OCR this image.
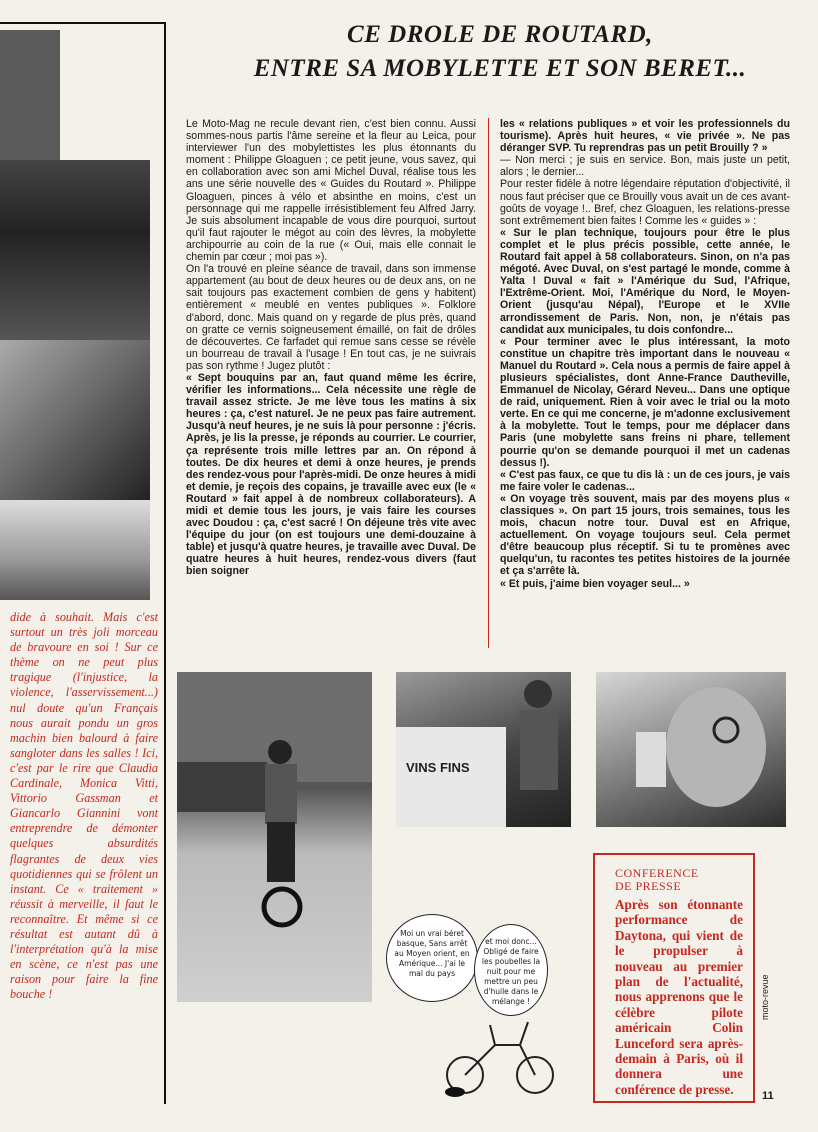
dide à souhait. Mais c'est surtout un très joli morceau de bravoure en soi ! Sur ce thème on ne peut plus tragique (l'injustice, la violence, l'asservissement...) nul doute qu'un Français nous aurait pondu un gros machin bien balourd à faire sangloter dans les salles ! Ici, c'est par le rire que Claudia Cardinale, Monica Vitti, Vittorio Gassman et Giancarlo Giannini vont entreprendre de démonter quelques absurdités flagrantes de deux vies quotidiennes qui se frôlent un instant. Ce « traitement » réussit à merveille, il faut le reconnaître. Et même si ce résultat est autant dû à l'interprétation qu'à la mise en scène, ce n'est pas une raison pour faire la fine bouche !
CE DROLE DE ROUTARD,
ENTRE SA MOBYLETTE ET SON BERET...

Le Moto-Mag ne recule devant rien, c'est bien connu. Aussi sommes-nous partis l'âme sereine et la fleur au Leica, pour interviewer l'un des mobylettistes les plus étonnants du moment : Philippe Gloaguen ; ce petit jeune, vous savez, qui en collaboration avec son ami Michel Duval, réalise tous les ans une série nouvelle des « Guides du Routard ». Philippe Gloaguen, pinces à vélo et absinthe en moins, c'est un personnage qui me rappelle irrésistiblement feu Alfred Jarry. Je suis absolument incapable de vous dire pourquoi, surtout qu'il faut rajouter le mégot au coin des lèvres, la mobylette archipourrie au coin de la rue (« Oui, mais elle connait le chemin par cœur ; moi pas »).

On l'a trouvé en pleine séance de travail, dans son immense appartement (au bout de deux heures ou de deux ans, on ne sait toujours pas exactement combien de gens y habitent) entièrement « meublé en ventes publiques ». Folklore d'abord, donc. Mais quand on y regarde de plus près, quand on gratte ce vernis soigneusement émaillé, on fait de drôles de découvertes. Ce farfadet qui remue sans cesse se révèle un bourreau de travail à l'usage ! En tout cas, je ne suivrais pas son rythme ! Jugez plutôt :

« Sept bouquins par an, faut quand même les écrire, vérifier les informations... Cela nécessite une règle de travail assez stricte. Je me lève tous les matins à six heures : ça, c'est naturel. Je ne peux pas faire autrement. Jusqu'à neuf heures, je ne suis là pour personne : j'écris. Après, je lis la presse, je réponds au courrier. Le courrier, ça représente trois mille lettres par an. On répond à toutes. De dix heures et demi à onze heures, je prends des rendez-vous pour l'après-midi. De onze heures à midi et demie, je reçois des copains, je travaille avec eux (le « Routard » fait appel à de nombreux collaborateurs). A midi et demie tous les jours, je vais faire les courses avec Doudou : ça, c'est sacré ! On déjeune très vite avec l'équipe du jour (on est toujours une demi-douzaine à table) et jusqu'à quatre heures, je travaille avec Duval. De quatre heures à huit heures, rendez-vous divers (faut bien soigner

les « relations publiques » et voir les professionnels du tourisme). Après huit heures, « vie privée ». Ne pas déranger SVP. Tu reprendras pas un petit Brouilly ? »

— Non merci ; je suis en service. Bon, mais juste un petit, alors ; le dernier...

Pour rester fidèle à notre légendaire réputation d'objectivité, il nous faut préciser que ce Brouilly vous avait un de ces avant-goûts de voyage !.. Bref, chez Gloaguen, les relations-presse sont extrêmement bien faites ! Comme les « guides » :

« Sur le plan technique, toujours pour être le plus complet et le plus précis possible, cette année, le Routard fait appel à 58 collaborateurs. Sinon, on n'a pas mégoté. Avec Duval, on s'est partagé le monde, comme à Yalta ! Duval « fait » l'Amérique du Sud, l'Afrique, l'Extrême-Orient. Moi, l'Amérique du Nord, le Moyen-Orient (jusqu'au Népal), l'Europe et le XVIIe arrondissement de Paris. Non, non, je n'étais pas candidat aux municipales, tu dois confondre...

« Pour terminer avec le plus intéressant, la moto constitue un chapitre très important dans le nouveau « Manuel du Routard ». Cela nous a permis de faire appel à plusieurs spécialistes, dont Anne-France Dautheville, Emmanuel de Nicolay, Gérard Neveu... Dans une optique de raid, uniquement. Rien à voir avec le trial ou la moto verte. En ce qui me concerne, je m'adonne exclusivement à la mobylette. Tout le temps, pour me déplacer dans Paris (une mobylette sans freins ni phare, tellement pourrie qu'on se demande pourquoi il met un cadenas dessus !).

« C'est pas faux, ce que tu dis là : un de ces jours, je vais me faire voler le cadenas...

« On voyage très souvent, mais par des moyens plus « classiques ». On part 15 jours, trois semaines, tous les mois, chacun notre tour. Duval est en Afrique, actuellement. On voyage toujours seul. Cela permet d'être beaucoup plus réceptif. Si tu te promènes avec quelqu'un, tu racontes tes petites histoires de la journée et ça s'arrête là.

« Et puis, j'aime bien voyager seul... »

VINS FINS
Moi un vrai béret basque, Sans arrêt au Moyen orient, en Amérique... J'ai le mal du pays
et moi donc... Obligé de faire les poubelles la nuit pour me mettre un peu d'huile dans le mélange !
CONFERENCE
DE PRESSE
Après son étonnante performance de Daytona, qui vient de le propulser à nouveau au premier plan de l'actualité, nous apprenons que le célèbre pilote américain Colin Lunceford sera après-demain à Paris, où il donnera une conférence de presse.
moto-revue
11
